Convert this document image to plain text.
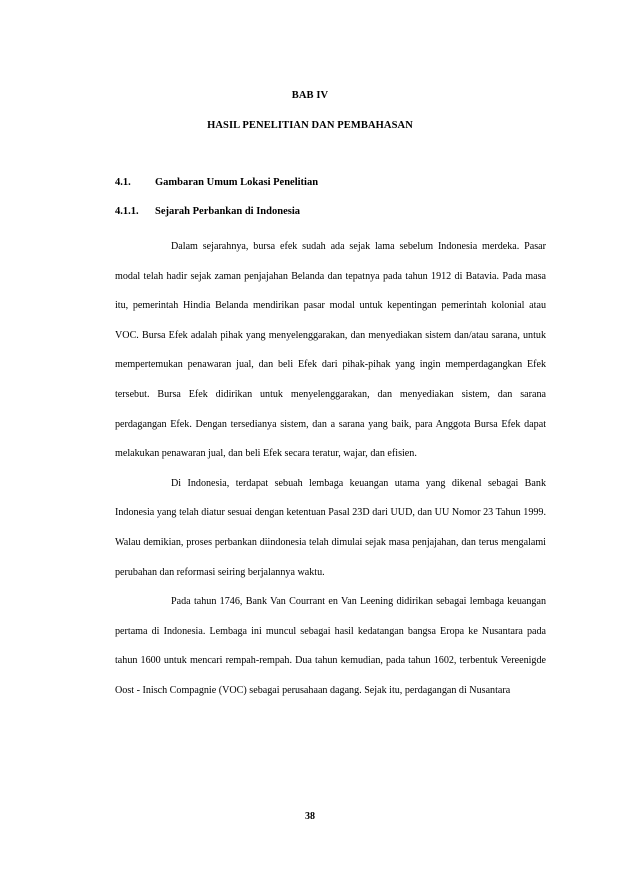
BAB IV
HASIL PENELITIAN DAN PEMBAHASAN
4.1. Gambaran Umum Lokasi Penelitian
4.1.1. Sejarah Perbankan di Indonesia

Dalam sejarahnya, bursa efek sudah ada sejak lama sebelum Indonesia merdeka. Pasar modal telah hadir sejak zaman penjajahan Belanda dan tepatnya pada tahun 1912 di Batavia. Pada masa itu, pemerintah Hindia Belanda mendirikan pasar modal untuk kepentingan pemerintah kolonial atau VOC. Bursa Efek adalah pihak yang menyelenggarakan, dan menyediakan sistem dan/atau sarana, untuk mempertemukan penawaran jual, dan beli Efek dari pihak-pihak yang ingin memperdagangkan Efek tersebut. Bursa Efek didirikan untuk menyelenggarakan, dan menyediakan sistem, dan sarana perdagangan Efek. Dengan tersedianya sistem, dan a sarana yang baik, para Anggota Bursa Efek dapat melakukan penawaran jual, dan beli Efek secara teratur, wajar, dan efisien.

Di Indonesia, terdapat sebuah lembaga keuangan utama yang dikenal sebagai Bank Indonesia yang telah diatur sesuai dengan ketentuan Pasal 23D dari UUD, dan UU Nomor 23 Tahun 1999. Walau demikian, proses perbankan diindonesia telah dimulai sejak masa penjajahan, dan terus mengalami perubahan dan reformasi seiring berjalannya waktu.

Pada tahun 1746, Bank Van Courrant en Van Leening didirikan sebagai lembaga keuangan pertama di Indonesia. Lembaga ini muncul sebagai hasil kedatangan bangsa Eropa ke Nusantara pada tahun 1600 untuk mencari rempah-rempah. Dua tahun kemudian, pada tahun 1602, terbentuk Vereenigde Oost - Inisch Compagnie (VOC) sebagai perusahaan dagang. Sejak itu, perdagangan di Nusantara

38
